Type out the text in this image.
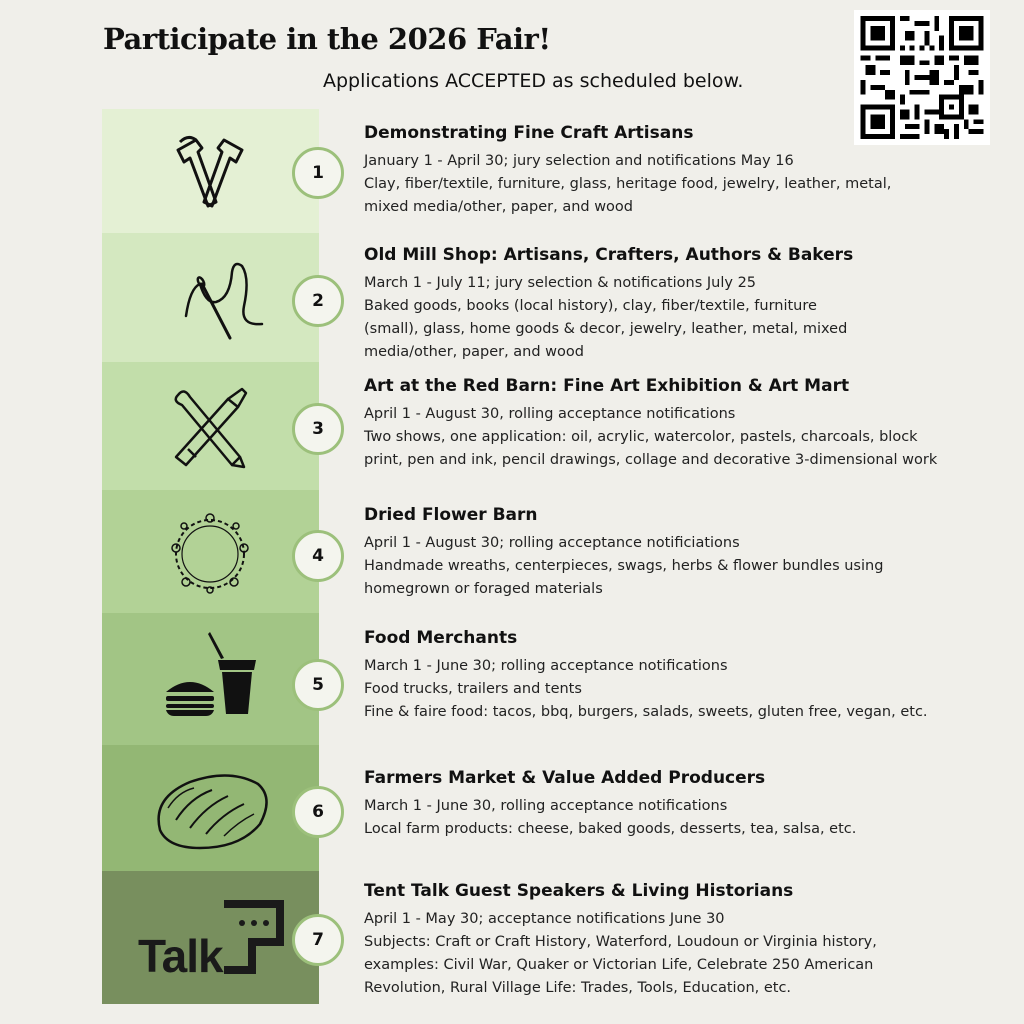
Participate in the 2026 Fair!
Applications ACCEPTED as scheduled below.
1
Demonstrating Fine Craft Artisans
January 1 - April 30; jury selection and notifications May 16
Clay, fiber/textile, furniture, glass, heritage food, jewelry, leather, metal,
mixed media/other, paper, and wood
2
Old Mill Shop: Artisans, Crafters, Authors & Bakers
March 1 - July 11; jury selection & notifications July 25
Baked goods, books (local history), clay, fiber/textile, furniture
(small), glass, home goods & decor, jewelry, leather, metal, mixed
media/other, paper, and wood
3
Art at the Red Barn: Fine Art Exhibition & Art Mart
April 1 - August 30, rolling acceptance notifications
Two shows, one application: oil, acrylic, watercolor, pastels, charcoals, block
print, pen and ink, pencil drawings, collage and decorative 3-dimensional work
4
Dried Flower Barn
April 1 - August 30; rolling acceptance notificiations
Handmade wreaths, centerpieces, swags, herbs & flower bundles using
homegrown or foraged materials
5
Food Merchants
March 1 - June 30; rolling acceptance notifications
Food trucks, trailers and tents
Fine & faire food: tacos, bbq, burgers, salads, sweets, gluten free, vegan, etc.
6
Farmers Market & Value Added Producers
March 1 - June 30, rolling acceptance notifications
Local farm products: cheese, baked goods, desserts, tea, salsa, etc.
Talk	7
Tent Talk Guest Speakers & Living Historians
April 1 - May 30; acceptance notifications June 30
Subjects: Craft or Craft History, Waterford, Loudoun or Virginia history,
examples: Civil War, Quaker or Victorian Life, Celebrate 250 American
Revolution, Rural Village Life: Trades, Tools, Education, etc.
